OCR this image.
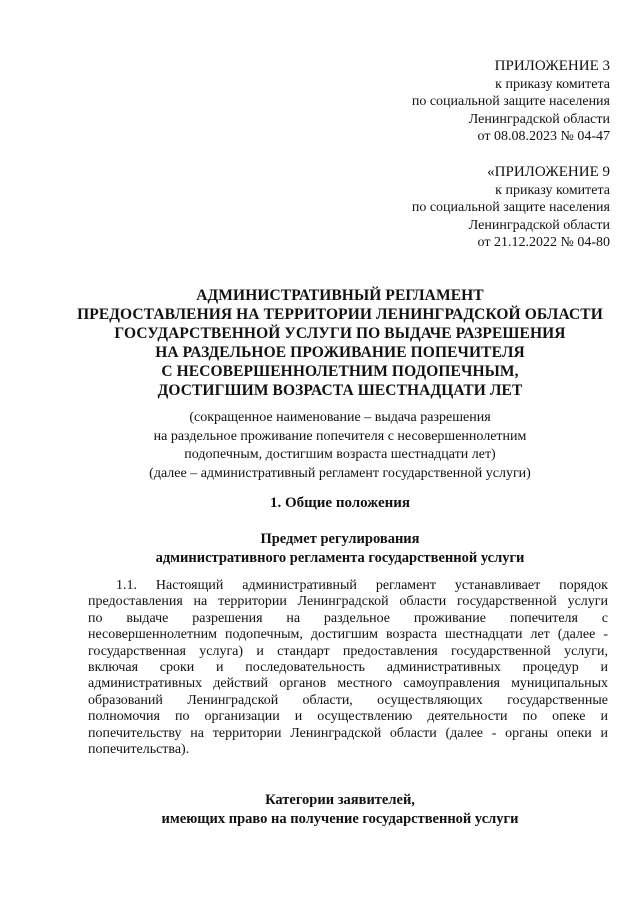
ПРИЛОЖЕНИЕ 3
к приказу комитета
по социальной защите населения
Ленинградской области
от 08.08.2023 № 04-47
«ПРИЛОЖЕНИЕ 9
к приказу комитета
по социальной защите населения
Ленинградской области
от 21.12.2022 № 04-80
АДМИНИСТРАТИВНЫЙ РЕГЛАМЕНТ
ПРЕДОСТАВЛЕНИЯ НА ТЕРРИТОРИИ ЛЕНИНГРАДСКОЙ ОБЛАСТИ
ГОСУДАРСТВЕННОЙ УСЛУГИ ПО ВЫДАЧЕ РАЗРЕШЕНИЯ
НА РАЗДЕЛЬНОЕ ПРОЖИВАНИЕ ПОПЕЧИТЕЛЯ
С НЕСОВЕРШЕННОЛЕТНИМ ПОДОПЕЧНЫМ,
ДОСТИГШИМ ВОЗРАСТА ШЕСТНАДЦАТИ ЛЕТ
(сокращенное наименование – выдача разрешения
на раздельное проживание попечителя с несовершеннолетним
подопечным, достигшим возраста шестнадцати лет)
(далее – административный регламент государственной услуги)
1. Общие положения
Предмет регулирования
административного регламента государственной услуги
1.1. Настоящий административный регламент устанавливает порядок
предоставления на территории Ленинградской области государственной услуги
по выдаче разрешения на раздельное проживание попечителя с
несовершеннолетним подопечным, достигшим возраста шестнадцати лет (далее -
государственная услуга) и стандарт предоставления государственной услуги,
включая сроки и последовательность административных процедур и
административных действий органов местного самоуправления муниципальных
образований Ленинградской области, осуществляющих государственные
полномочия по организации и осуществлению деятельности по опеке и
попечительству на территории Ленинградской области (далее - органы опеки и
попечительства).
Категории заявителей,
имеющих право на получение государственной услуги
